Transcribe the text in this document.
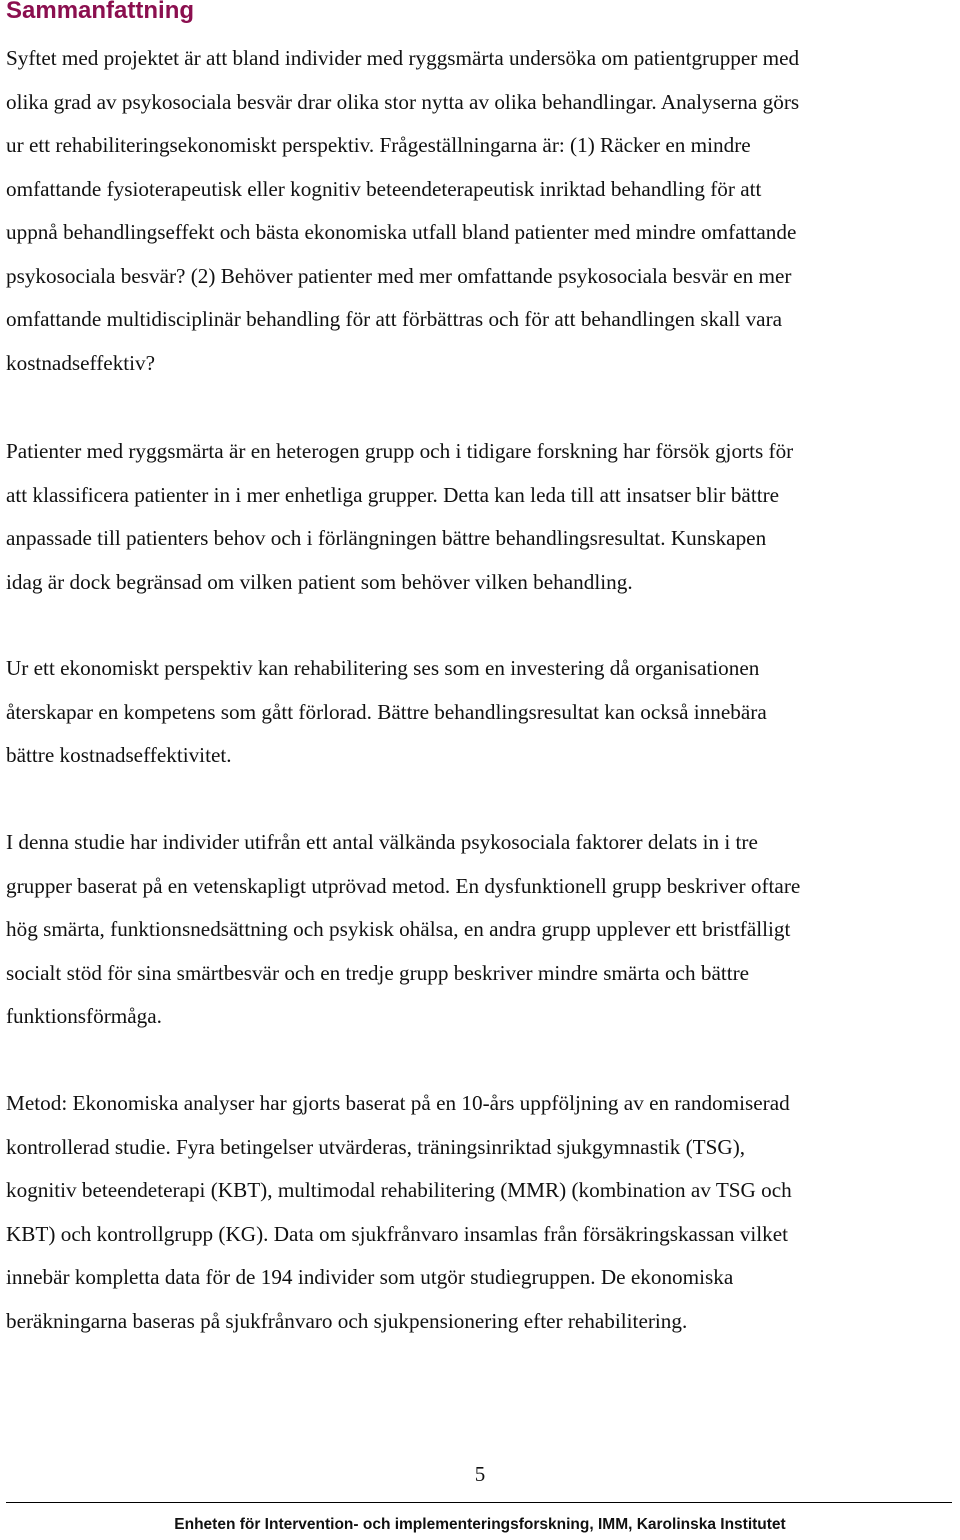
Sammanfattning
Syftet med projektet är att bland individer med ryggsmärta undersöka om patientgrupper med
olika grad av psykosociala besvär drar olika stor nytta av olika behandlingar. Analyserna görs
ur ett rehabiliteringsekonomiskt perspektiv. Frågeställningarna är: (1) Räcker en mindre
omfattande fysioterapeutisk eller kognitiv beteendeterapeutisk inriktad behandling för att
uppnå behandlingseffekt och bästa ekonomiska utfall bland patienter med mindre omfattande
psykosociala besvär? (2) Behöver patienter med mer omfattande psykosociala besvär en mer
omfattande multidisciplinär behandling för att förbättras och för att behandlingen skall vara
kostnadseffektiv?
Patienter med ryggsmärta är en heterogen grupp och i tidigare forskning har försök gjorts för
att klassificera patienter in i mer enhetliga grupper. Detta kan leda till att insatser blir bättre
anpassade till patienters behov och i förlängningen bättre behandlingsresultat. Kunskapen
idag är dock begränsad om vilken patient som behöver vilken behandling.
Ur ett ekonomiskt perspektiv kan rehabilitering ses som en investering då organisationen
återskapar en kompetens som gått förlorad. Bättre behandlingsresultat kan också innebära
bättre kostnadseffektivitet.
I denna studie har individer utifrån ett antal välkända psykosociala faktorer delats in i tre
grupper baserat på en vetenskapligt utprövad metod. En dysfunktionell grupp beskriver oftare
hög smärta, funktionsnedsättning och psykisk ohälsa, en andra grupp upplever ett bristfälligt
socialt stöd för sina smärtbesvär och en tredje grupp beskriver mindre smärta och bättre
funktionsförmåga.
Metod: Ekonomiska analyser har gjorts baserat på en 10-års uppföljning av en randomiserad
kontrollerad studie. Fyra betingelser utvärderas, träningsinriktad sjukgymnastik (TSG),
kognitiv beteendeterapi (KBT), multimodal rehabilitering (MMR) (kombination av TSG och
KBT) och kontrollgrupp (KG). Data om sjukfrånvaro insamlas från försäkringskassan vilket
innebär kompletta data för de 194 individer som utgör studiegruppen. De ekonomiska
beräkningarna baseras på sjukfrånvaro och sjukpensionering efter rehabilitering.
5
Enheten för Intervention- och implementeringsforskning, IMM, Karolinska Institutet
